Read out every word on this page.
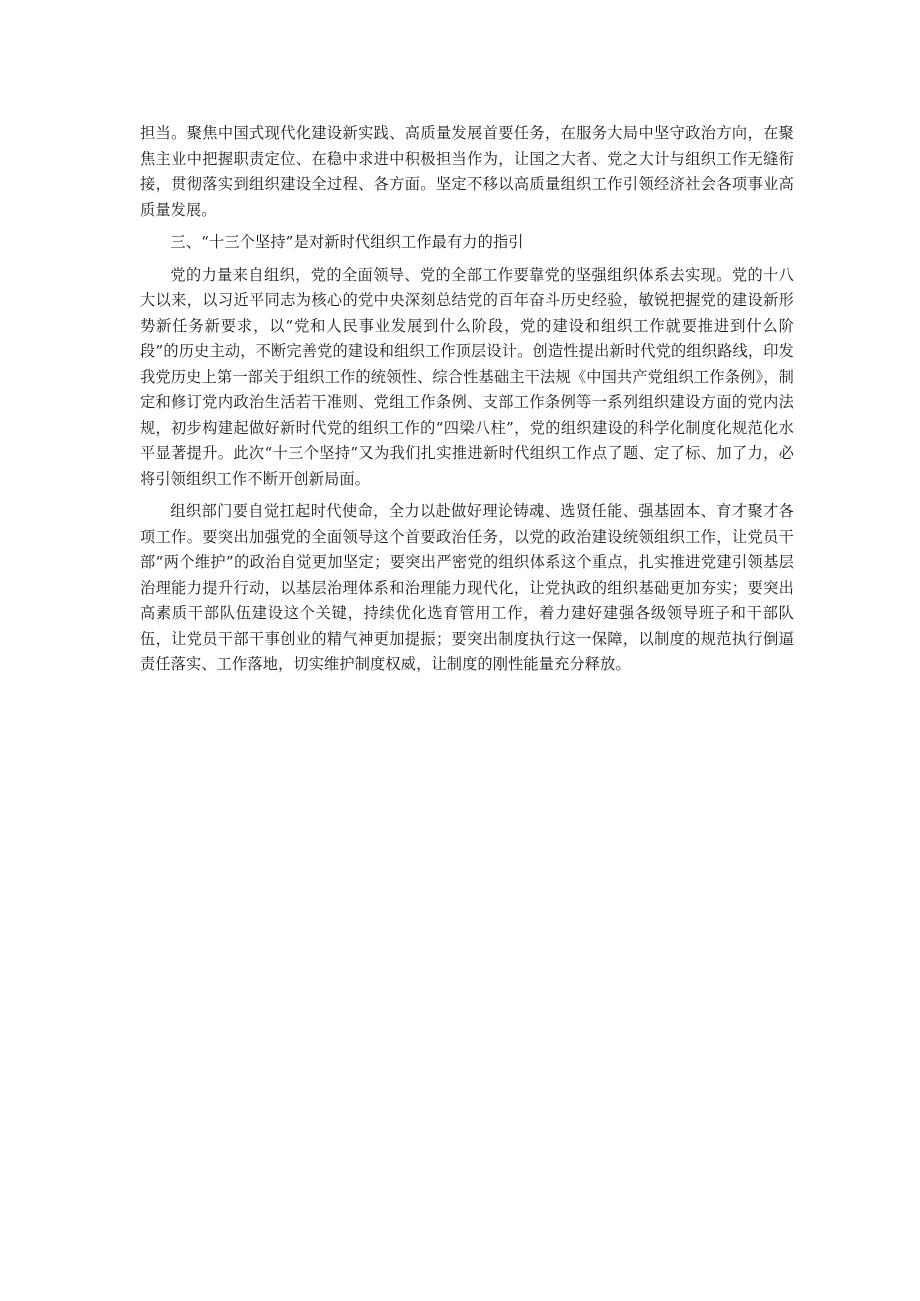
担当。聚焦中国式现代化建设新实践、高质量发展首要任务，在服务大局中坚守政治方向，在聚焦主业中把握职责定位、在稳中求进中积极担当作为，让国之大者、党之大计与组织工作无缝衔接，贯彻落实到组织建设全过程、各方面。坚定不移以高质量组织工作引领经济社会各项事业高质量发展。

三、“十三个坚持”是对新时代组织工作最有力的指引

党的力量来自组织，党的全面领导、党的全部工作要靠党的坚强组织体系去实现。党的十八大以来，以习近平同志为核心的党中央深刻总结党的百年奋斗历史经验，敏锐把握党的建设新形势新任务新要求，以“党和人民事业发展到什么阶段，党的建设和组织工作就要推进到什么阶段”的历史主动，不断完善党的建设和组织工作顶层设计。创造性提出新时代党的组织路线，印发我党历史上第一部关于组织工作的统领性、综合性基础主干法规《中国共产党组织工作条例》，制定和修订党内政治生活若干准则、党组工作条例、支部工作条例等一系列组织建设方面的党内法规，初步构建起做好新时代党的组织工作的“四梁八柱”，党的组织建设的科学化制度化规范化水平显著提升。此次“十三个坚持”又为我们扎实推进新时代组织工作点了题、定了标、加了力，必将引领组织工作不断开创新局面。

组织部门要自觉扛起时代使命，全力以赴做好理论铸魂、选贤任能、强基固本、育才聚才各项工作。要突出加强党的全面领导这个首要政治任务，以党的政治建设统领组织工作，让党员干部“两个维护”的政治自觉更加坚定；要突出严密党的组织体系这个重点，扎实推进党建引领基层治理能力提升行动，以基层治理体系和治理能力现代化，让党执政的组织基础更加夯实；要突出高素质干部队伍建设这个关键，持续优化选育管用工作，着力建好建强各级领导班子和干部队伍，让党员干部干事创业的精气神更加提振；要突出制度执行这一保障，以制度的规范执行倒逼责任落实、工作落地，切实维护制度权威，让制度的刚性能量充分释放。
